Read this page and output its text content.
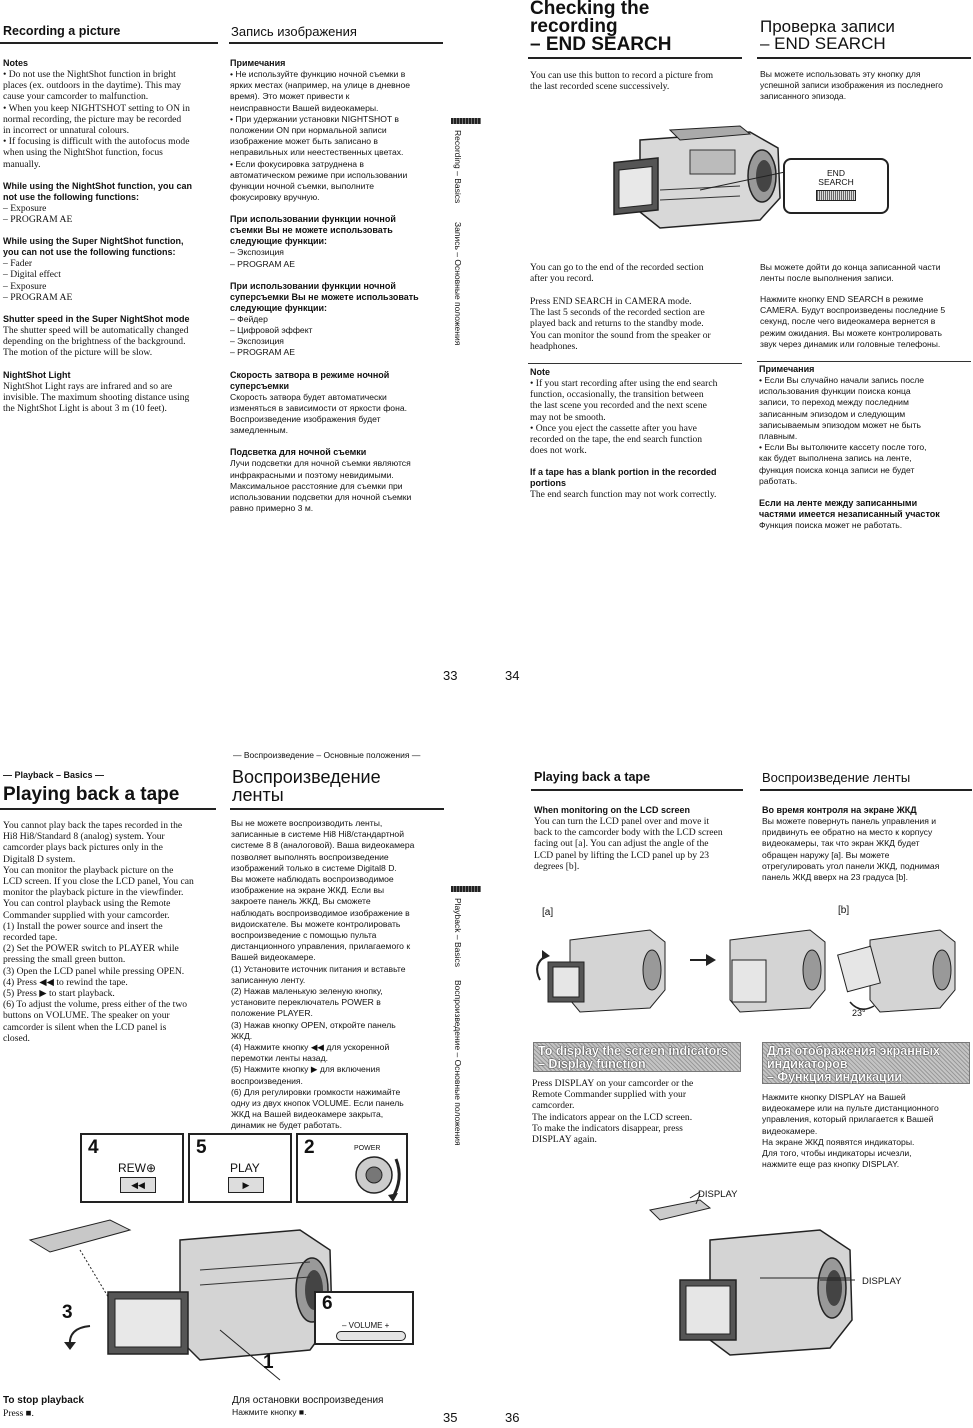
Recording a picture
Notes
• Do not use the NightShot function in bright
places (ex. outdoors in the daytime). This may
cause your camcorder to malfunction.
• When you keep NIGHTSHOT setting to ON in
normal recording, the picture may be recorded
in incorrect or unnatural colours.
• If focusing is difficult with the autofocus mode
when using the NightShot function, focus
manually.
While using the NightShot function, you can
not use the following functions:
– Exposure
– PROGRAM AE
While using the Super NightShot function,
you can not use the following functions:
– Fader
– Digital effect
– Exposure
– PROGRAM AE
Shutter speed in the Super NightShot mode
The shutter speed will be automatically changed
depending on the brightness of the background.
The motion of the picture will be slow.
NightShot Light
NightShot Light rays are infrared and so are
invisible. The maximum shooting distance using
the NightShot Light is about 3 m (10 feet).
Запись изображения
Примечания
• Не используйте функцию ночной съемки в
ярких местах (например, на улице в дневное
время). Это может привести к
неисправности Вашей видеокамеры.
• При удержании установки NIGHTSHOT в
положении ON при нормальной записи
изображение может быть записано в
неправильных или неестественных цветах.
• Если фокусировка затруднена в
автоматическом режиме при использовании
функции ночной съемки, выполните
фокусировку вручную.
При использовании функции ночной
съемки Вы не можете использовать
следующие функции:
– Экспозиция
– PROGRAM AE
При использовании функции ночной
суперсъемки Вы не можете использовать
следующие функции:
– Фейдер
– Цифровой эффект
– Экспозиция
– PROGRAM AE
Скорость затвора в режиме ночной
суперсъемки
Скорость затвора будет автоматически
изменяться в зависимости от яркости фона.
Воспроизведение изображения будет
замедленным.
Подсветка для ночной съемки
Лучи подсветки для ночной съемки являются
инфракрасными и поэтому невидимыми.
Максимальное расстояние для съемки при
использовании подсветки для ночной съемки
равно примерно 3 м.
Recording – Basics
Запись – Основные положения
33
Checking the
recording
– END SEARCH
Проверка записи
– END SEARCH
You can use this button to record a picture from
the last recorded scene successively.
Вы можете использовать эту кнопку для
успешной записи изображения из последнего
записанного эпизода.
END
SEARCH
You can go to the end of the recorded section
after you record.
Press END SEARCH in CAMERA mode.
The last 5 seconds of the recorded section are
played back and returns to the standby mode.
You can monitor the sound from the speaker or
headphones.
Note
• If you start recording after using the end search
function, occasionally, the transition between
the last scene you recorded and the next scene
may not be smooth.
• Once you eject the cassette after you have
recorded on the tape, the end search function
does not work.
If a tape has a blank portion in the recorded
portions
The end search function may not work correctly.
Вы можете дойти до конца записанной части
ленты после выполнения записи.
Нажмите кнопку END SEARCH в режиме
CAMERA. Будут воспроизведены последние 5
секунд, после чего видеокамера вернется в
режим ожидания. Вы можете контролировать
звук через динамик или головные телефоны.
Примечания
• Если Вы случайно начали запись после
использования функции поиска конца
записи, то переход между последним
записанным эпизодом и следующим
записываемым эпизодом может не быть
плавным.
• Если Вы вытолкните кассету после того,
как будет выполнена запись на ленте,
функция поиска конца записи не будет
работать.
Если на ленте между записанными
частями имеется незаписанный участок
Функция поиска может не работать.
34
— Playback – Basics —
Playing back a tape
You cannot play back the tapes recorded in the
Hi8 Hi8/Standard 8 (analog) system. Your
camcorder plays back pictures only in the
Digital8 D system.
You can monitor the playback picture on the
LCD screen. If you close the LCD panel, You can
monitor the playback picture in the viewfinder.
You can control playback using the Remote
Commander supplied with your camcorder.
(1) Install the power source and insert the
recorded tape.
(2) Set the POWER switch to PLAYER while
pressing the small green button.
(3) Open the LCD panel while pressing OPEN.
(4) Press ◀◀ to rewind the tape.
(5) Press ▶ to start playback.
(6) To adjust the volume, press either of the two
buttons on VOLUME. The speaker on your
camcorder is silent when the LCD panel is
closed.
— Воспроизведение – Основные положения —
Воспроизведение
ленты
Вы не можете воспроизводить ленты,
записанные в системе Hi8 Hi8/стандартной
системе 8 8 (аналоговой). Ваша видеокамера
позволяет выполнять воспроизведение
изображений только в системе Digital8 D.
Вы можете наблюдать воспроизводимое
изображение на экране ЖКД. Если вы
закроете панель ЖКД, Вы сможете
наблюдать воспроизводимое изображение в
видоискателе. Вы можете контролировать
воспроизведение с помощью пульта
дистанционного управления, прилагаемого к
Вашей видеокамере.
(1) Установите источник питания и вставьте
записанную ленту.
(2) Нажав маленькую зеленую кнопку,
установите переключатель POWER в
положение PLAYER.
(3) Нажав кнопку OPEN, откройте панель
ЖКД.
(4) Нажмите кнопку ◀◀ для ускоренной
перемотки ленты назад.
(5) Нажмите кнопку ▶ для включения
воспроизведения.
(6) Для регулировки громкости нажимайте
одну из двух кнопок VOLUME. Если панель
ЖКД на Вашей видеокамере закрыта,
динамик не будет работать.
Playback – Basics
Воспроизведение – Основные положения
4
REW⊕
◀◀
5
PLAY
▶
2	POWER
3	6
– VOLUME +
1
To stop playback
Press ■.
Для остановки воспроизведения
Нажмите кнопку ■.	35
Playing back a tape	Воспроизведение ленты
When monitoring on the LCD screen
You can turn the LCD panel over and move it
back to the camcorder body with the LCD screen
facing out [a]. You can adjust the angle of the
LCD panel by lifting the LCD panel up by 23
degrees [b].
Во время контроля на экране ЖКД
Вы можете повернуть панель управления и
придвинуть ее обратно на место к корпусу
видеокамеры, так что экран ЖКД будет
обращен наружу [a]. Вы можете
отрегулировать угол панели ЖКД, поднимая
панель ЖКД вверх на 23 градуса [b].
[a]	[b]
23°
To display the screen indicators
– Display function
Для отображения экранных
индикаторов
– Функция индикации
Press DISPLAY on your camcorder or the
Remote Commander supplied with your
camcorder.
The indicators appear on the LCD screen.
To make the indicators disappear, press
DISPLAY again.
Нажмите кнопку DISPLAY на Вашей
видеокамере или на пульте дистанционного
управления, который прилагается к Вашей
видеокамере.
На экране ЖКД появятся индикаторы.
Для того, чтобы индикаторы исчезли,
нажмите еще раз кнопку DISPLAY.
DISPLAY
DISPLAY
36
